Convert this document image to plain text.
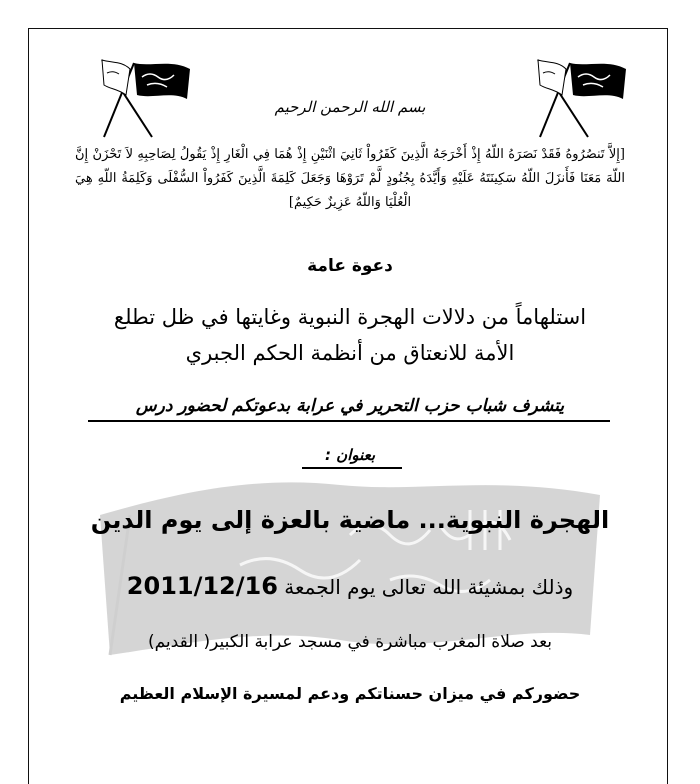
بسم الله الرحمن الرحيم
[إِلاَّ تَنصُرُوهُ فَقَدْ نَصَرَهُ اللّهُ إِذْ أَخْرَجَهُ الَّذِينَ كَفَرُواْ ثَانِيَ اثْنَيْنِ إِذْ هُمَا فِي الْغَارِ إِذْ يَقُولُ لِصَاحِبِهِ لاَ تَحْزَنْ إِنَّ اللّهَ مَعَنَا فَأَنزَلَ اللّهُ سَكِينَتَهُ عَلَيْهِ وَأَيَّدَهُ بِجُنُودٍ لَّمْ تَرَوْهَا وَجَعَلَ كَلِمَةَ الَّذِينَ كَفَرُواْ السُّفْلَى وَكَلِمَةُ اللّهِ هِيَ الْعُلْيَا وَاللّهُ عَزِيزٌ حَكِيمٌ]
دعوة عامة
استلهاماً من دلالات الهجرة النبوية وغايتها في ظل تطلع
الأمة للانعتاق من أنظمة الحكم الجبري
يتشرف شباب حزب التحرير في عرابة بدعوتكم لحضور درس
بعنوان :
الهجرة النبوية... ماضية بالعزة إلى يوم الدين
وذلك بمشيئة الله تعالى يوم الجمعة 2011/12/16
بعد صلاة المغرب مباشرة في مسجد عرابة الكبير( القديم)
حضوركم في ميزان حسناتكم ودعم لمسيرة الإسلام العظيم
